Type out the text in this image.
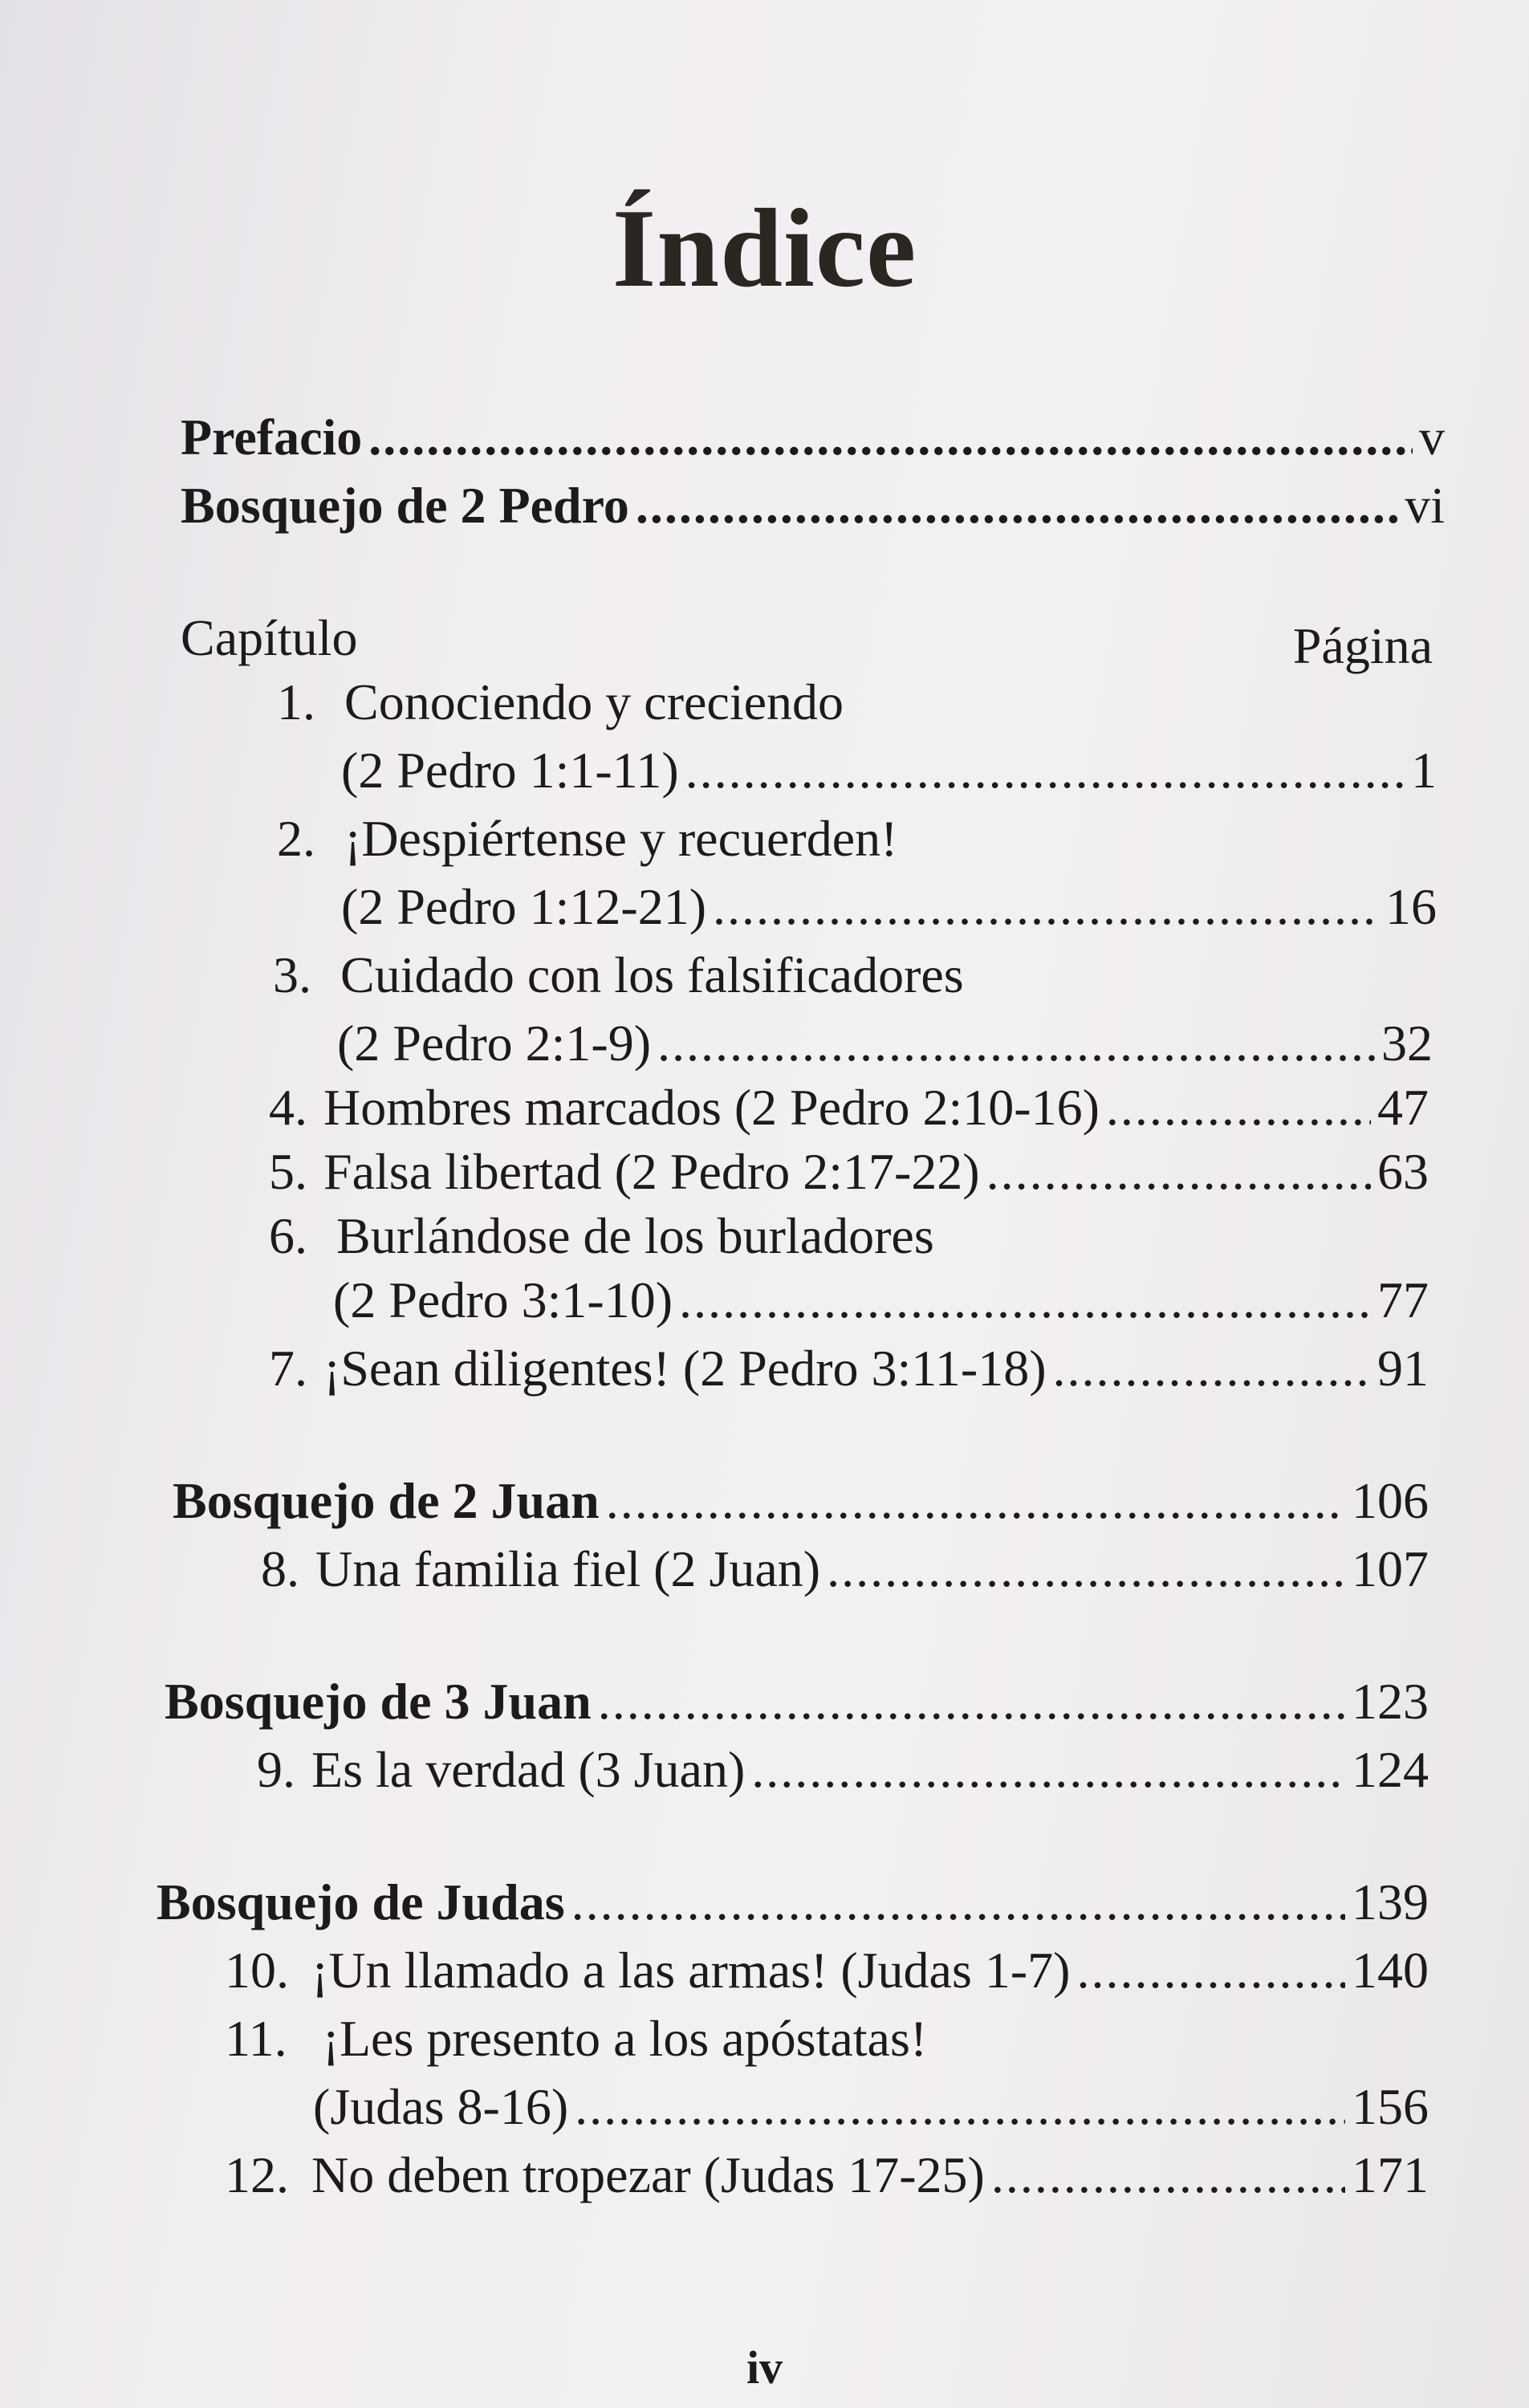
Índice
Prefacio .....	v
Bosquejo de 2 Pedro .....	vi
Capítulo	Página
1. Conociendo y creciendo
(2 Pedro 1:1-11) .....	1
2. ¡Despiértense y recuerden!
(2 Pedro 1:12-21) .....	16
3. Cuidado con los falsificadores
(2 Pedro 2:1-9) .....	32
4. Hombres marcados (2 Pedro 2:10-16) .....	47
5. Falsa libertad (2 Pedro 2:17-22) .....	63
6. Burlándose de los burladores
(2 Pedro 3:1-10) .....	77
7. ¡Sean diligentes! (2 Pedro 3:11-18) .....	91
Bosquejo de 2 Juan .....	106
8. Una familia fiel (2 Juan) .....	107
Bosquejo de 3 Juan .....	123
9. Es la verdad (3 Juan) .....	124
Bosquejo de Judas .....	139
10. ¡Un llamado a las armas! (Judas 1-7) .....	140
11. ¡Les presento a los apóstatas!
(Judas 8-16) .....	156
12. No deben tropezar (Judas 17-25) .....	171
iv
